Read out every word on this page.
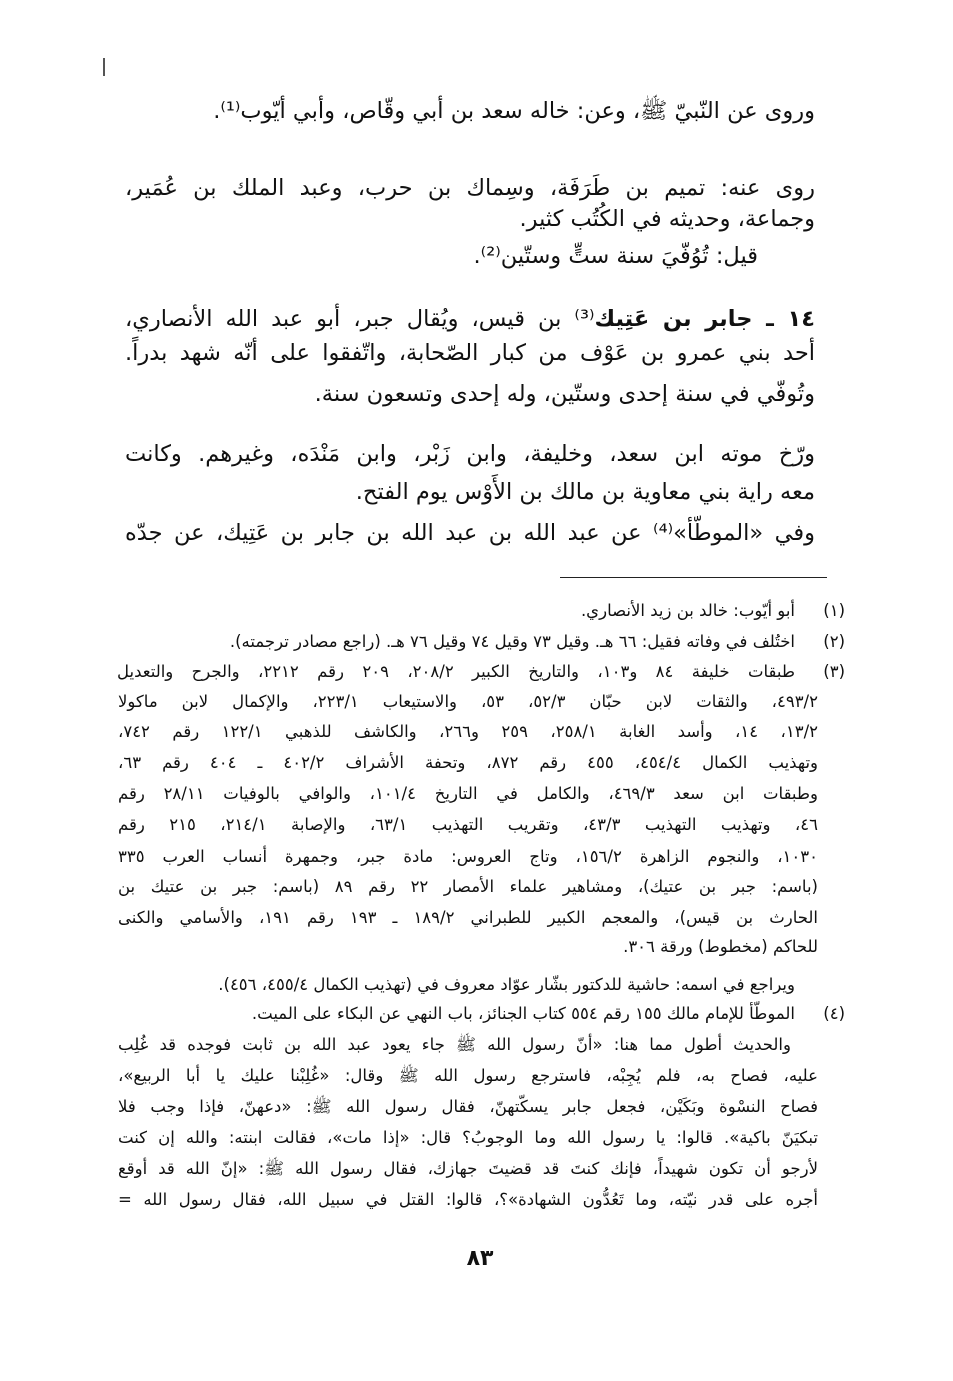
وروى عن النّبيّ ﷺ، وعن: خاله سعد بن أبي وقّاص، وأبي أيّوب⁽¹⁾.
روى عنه: تميم بن طَرَفَة، وسِماك بن حرب، وعبد الملك بن عُمَير،
وجماعة، وحديثه في الكُتُب كثير.
قيل: تُوُفّيَ سنة ستٍّ وستّين⁽²⁾.
١٤ ـ جابر بن عَتِيك⁽³⁾ بن قيس، ويُقال جبر، أبو عبد الله الأنصاري،
أحد بني عمرو بن عَوْف من كبار الصّحابة، واتّفقوا على أنّه شهد بدراً.
وتُوفّي في سنة إحدى وستّين، وله إحدى وتسعون سنة.
ورّخ موته ابن سعد، وخليفة، وابن زَبْر، وابن مَنْدَه، وغيرهم. وكانت
معه راية بني معاوية بن مالك بن الأَوْس يوم الفتح.
وفي «الموطّأ»⁽⁴⁾ عن عبد الله بن عبد الله بن جابر بن عَتِيك، عن جدّه
(١)
أبو أيّوب: خالد بن زيد الأنصاري.
(٢)
اختُلف في وفاته فقيل: ٦٦ هـ. وقيل ٧٣ وقيل ٧٤ وقيل ٧٦ هـ. (راجع مصادر ترجمته).
(٣)
طبقات خليفة ٨٤ و١٠٣، والتاريخ الكبير ٢٠٨/٢، ٢٠٩ رقم ٢٢١٢، والجرح والتعديل
٤٩٣/٢، والثقات لابن حبّان ٥٢/٣، ٥٣، والاستيعاب ٢٢٣/١، والإكمال لابن ماكولا
١٣/٢، ١٤، وأسد الغابة ٢٥٨/١، ٢٥٩ و٢٦٦، والكاشف للذهبي ١٢٢/١ رقم ٧٤٢،
وتهذيب الكمال ٤٥٤/٤، ٤٥٥ رقم ٨٧٢، وتحفة الأشراف ٤٠٢/٢ ـ ٤٠٤ رقم ٦٣،
وطبقات ابن سعد ٤٦٩/٣، والكامل في التاريخ ١٠١/٤، والوافي بالوفيات ٢٨/١١ رقم
٤٦، وتهذيب التهذيب ٤٣/٣، وتقريب التهذيب ٦٣/١، والإصابة ٢١٤/١، ٢١٥ رقم
١٠٣٠، والنجوم الزاهرة ١٥٦/٢، وتاج العروس: مادة جبر، وجمهرة أنساب العرب ٣٣٥
(باسم: جبر بن عتيك)، ومشاهير علماء الأمصار ٢٢ رقم ٨٩ (باسم: جبر بن عتيك بن
الحارث بن قيس)، والمعجم الكبير للطبراني ١٨٩/٢ ـ ١٩٣ رقم ١٩١، والأسامي والكنى
للحاكم (مخطوط) ورقة ٣٠٦.
ويراجع في اسمه: حاشية للدكتور بشّار عوّاد معروف في (تهذيب الكمال ٤٥٥/٤، ٤٥٦).
(٤)
الموطّأ للإمام مالك ١٥٥ رقم ٥٥٤ كتاب الجنائز، باب النهي عن البكاء على الميت.
والحديث أطول مما هنا: «أنّ رسول الله ﷺ جاء يعود عبد الله بن ثابت فوجده قد غُلِب
عليه، فصاح به، فلم يُجِبْه، فاسترجع رسول الله ﷺ وقال: «غُلِبْنا عليك يا أبا الربيع»،
فصاح النسْوة وبَكَيْن، فجعل جابر يسكّتهنّ، فقال رسول الله ﷺ: «دعهنّ، فإذا وجب فلا
تبكيَنّ باكية». قالوا: يا رسول الله وما الوجوبُ؟ قال: «إذا مات»، فقالت ابنته: والله إن كنت
لأرجو أن تكون شهيداً، فإنك كنتَ قد قضيتَ جهازك، فقال رسول الله ﷺ: «إنّ الله قد أوقع
أجره على قدر نيّته، وما تَعُدُّون الشهادة»؟، قالوا: القتل في سبيل الله، فقال رسول الله =
٨٣
